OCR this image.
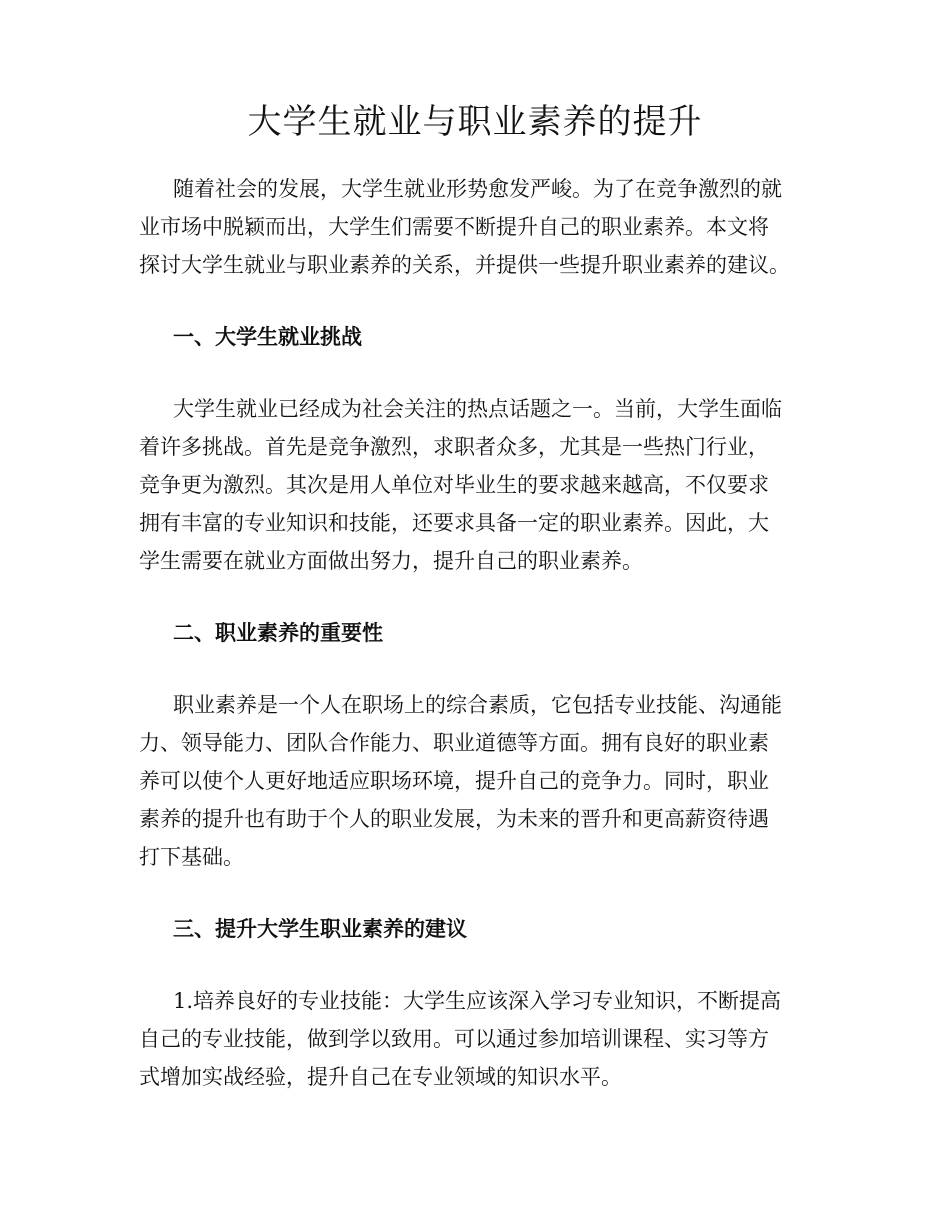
大学生就业与职业素养的提升

随着社会的发展，大学生就业形势愈发严峻。为了在竞争激烈的就
业市场中脱颖而出，大学生们需要不断提升自己的职业素养。本文将
探讨大学生就业与职业素养的关系，并提供一些提升职业素养的建议。

一、大学生就业挑战

大学生就业已经成为社会关注的热点话题之一。当前，大学生面临
着许多挑战。首先是竞争激烈，求职者众多，尤其是一些热门行业，
竞争更为激烈。其次是用人单位对毕业生的要求越来越高，不仅要求
拥有丰富的专业知识和技能，还要求具备一定的职业素养。因此，大
学生需要在就业方面做出努力，提升自己的职业素养。

二、职业素养的重要性

职业素养是一个人在职场上的综合素质，它包括专业技能、沟通能
力、领导能力、团队合作能力、职业道德等方面。拥有良好的职业素
养可以使个人更好地适应职场环境，提升自己的竞争力。同时，职业
素养的提升也有助于个人的职业发展，为未来的晋升和更高薪资待遇
打下基础。

三、提升大学生职业素养的建议

1.培养良好的专业技能：大学生应该深入学习专业知识，不断提高
自己的专业技能，做到学以致用。可以通过参加培训课程、实习等方
式增加实战经验，提升自己在专业领域的知识水平。
